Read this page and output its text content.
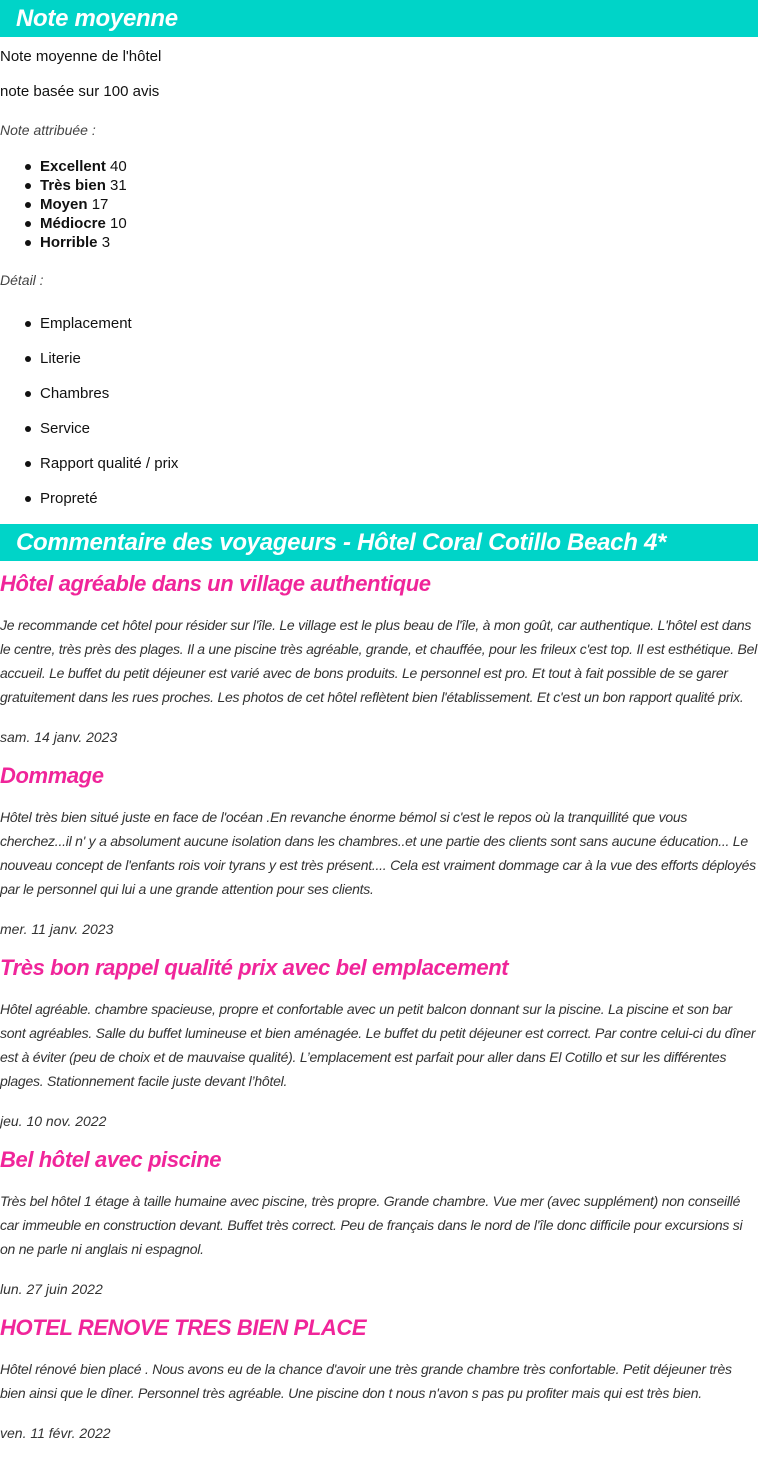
Note moyenne

Note moyenne de l'hôtel

note basée sur 100 avis

Note attribuée :

Excellent 40
Très bien 31
Moyen 17
Médiocre 10
Horrible 3

Détail :

Emplacement
Literie
Chambres
Service
Rapport qualité / prix
Propreté
Commentaire des voyageurs - Hôtel Coral Cotillo Beach 4*
Hôtel agréable dans un village authentique

Je recommande cet hôtel pour résider sur l'île. Le village est le plus beau de l'île, à mon goût, car authentique. L'hôtel est dans le centre, très près des plages. Il a une piscine très agréable, grande, et chauffée, pour les frileux c'est top. Il est esthétique. Bel accueil. Le buffet du petit déjeuner est varié avec de bons produits. Le personnel est pro. Et tout à fait possible de se garer gratuitement dans les rues proches. Les photos de cet hôtel reflètent bien l'établissement. Et c'est un bon rapport qualité prix.

sam. 14 janv. 2023

Dommage

Hôtel très bien situé juste en face de l'océan .En revanche énorme bémol si c'est le repos où la tranquillité que vous cherchez...il n' y a absolument aucune isolation dans les chambres..et une partie des clients sont sans aucune éducation... Le nouveau concept de l'enfants rois voir tyrans y est très présent.... Cela est vraiment dommage car à la vue des efforts déployés par le personnel qui lui a une grande attention pour ses clients.

mer. 11 janv. 2023

Très bon rappel qualité prix avec bel emplacement

Hôtel agréable. chambre spacieuse, propre et confortable avec un petit balcon donnant sur la piscine. La piscine et son bar sont agréables. Salle du buffet lumineuse et bien aménagée. Le buffet du petit déjeuner est correct. Par contre celui-ci du dîner est à éviter (peu de choix et de mauvaise qualité). L’emplacement est parfait pour aller dans El Cotillo et sur les différentes plages. Stationnement facile juste devant l’hôtel.

jeu. 10 nov. 2022

Bel hôtel avec piscine

Très bel hôtel 1 étage à taille humaine avec piscine, très propre. Grande chambre. Vue mer (avec supplément) non conseillé car immeuble en construction devant. Buffet très correct. Peu de français dans le nord de l'île donc difficile pour excursions si on ne parle ni anglais ni espagnol.

lun. 27 juin 2022

HOTEL RENOVE TRES BIEN PLACE

Hôtel rénové bien placé . Nous avons eu de la chance d'avoir une très grande chambre très confortable. Petit déjeuner très bien ainsi que le dîner. Personnel très agréable. Une piscine don t nous n'avon s pas pu profiter mais qui est très bien.

ven. 11 févr. 2022
